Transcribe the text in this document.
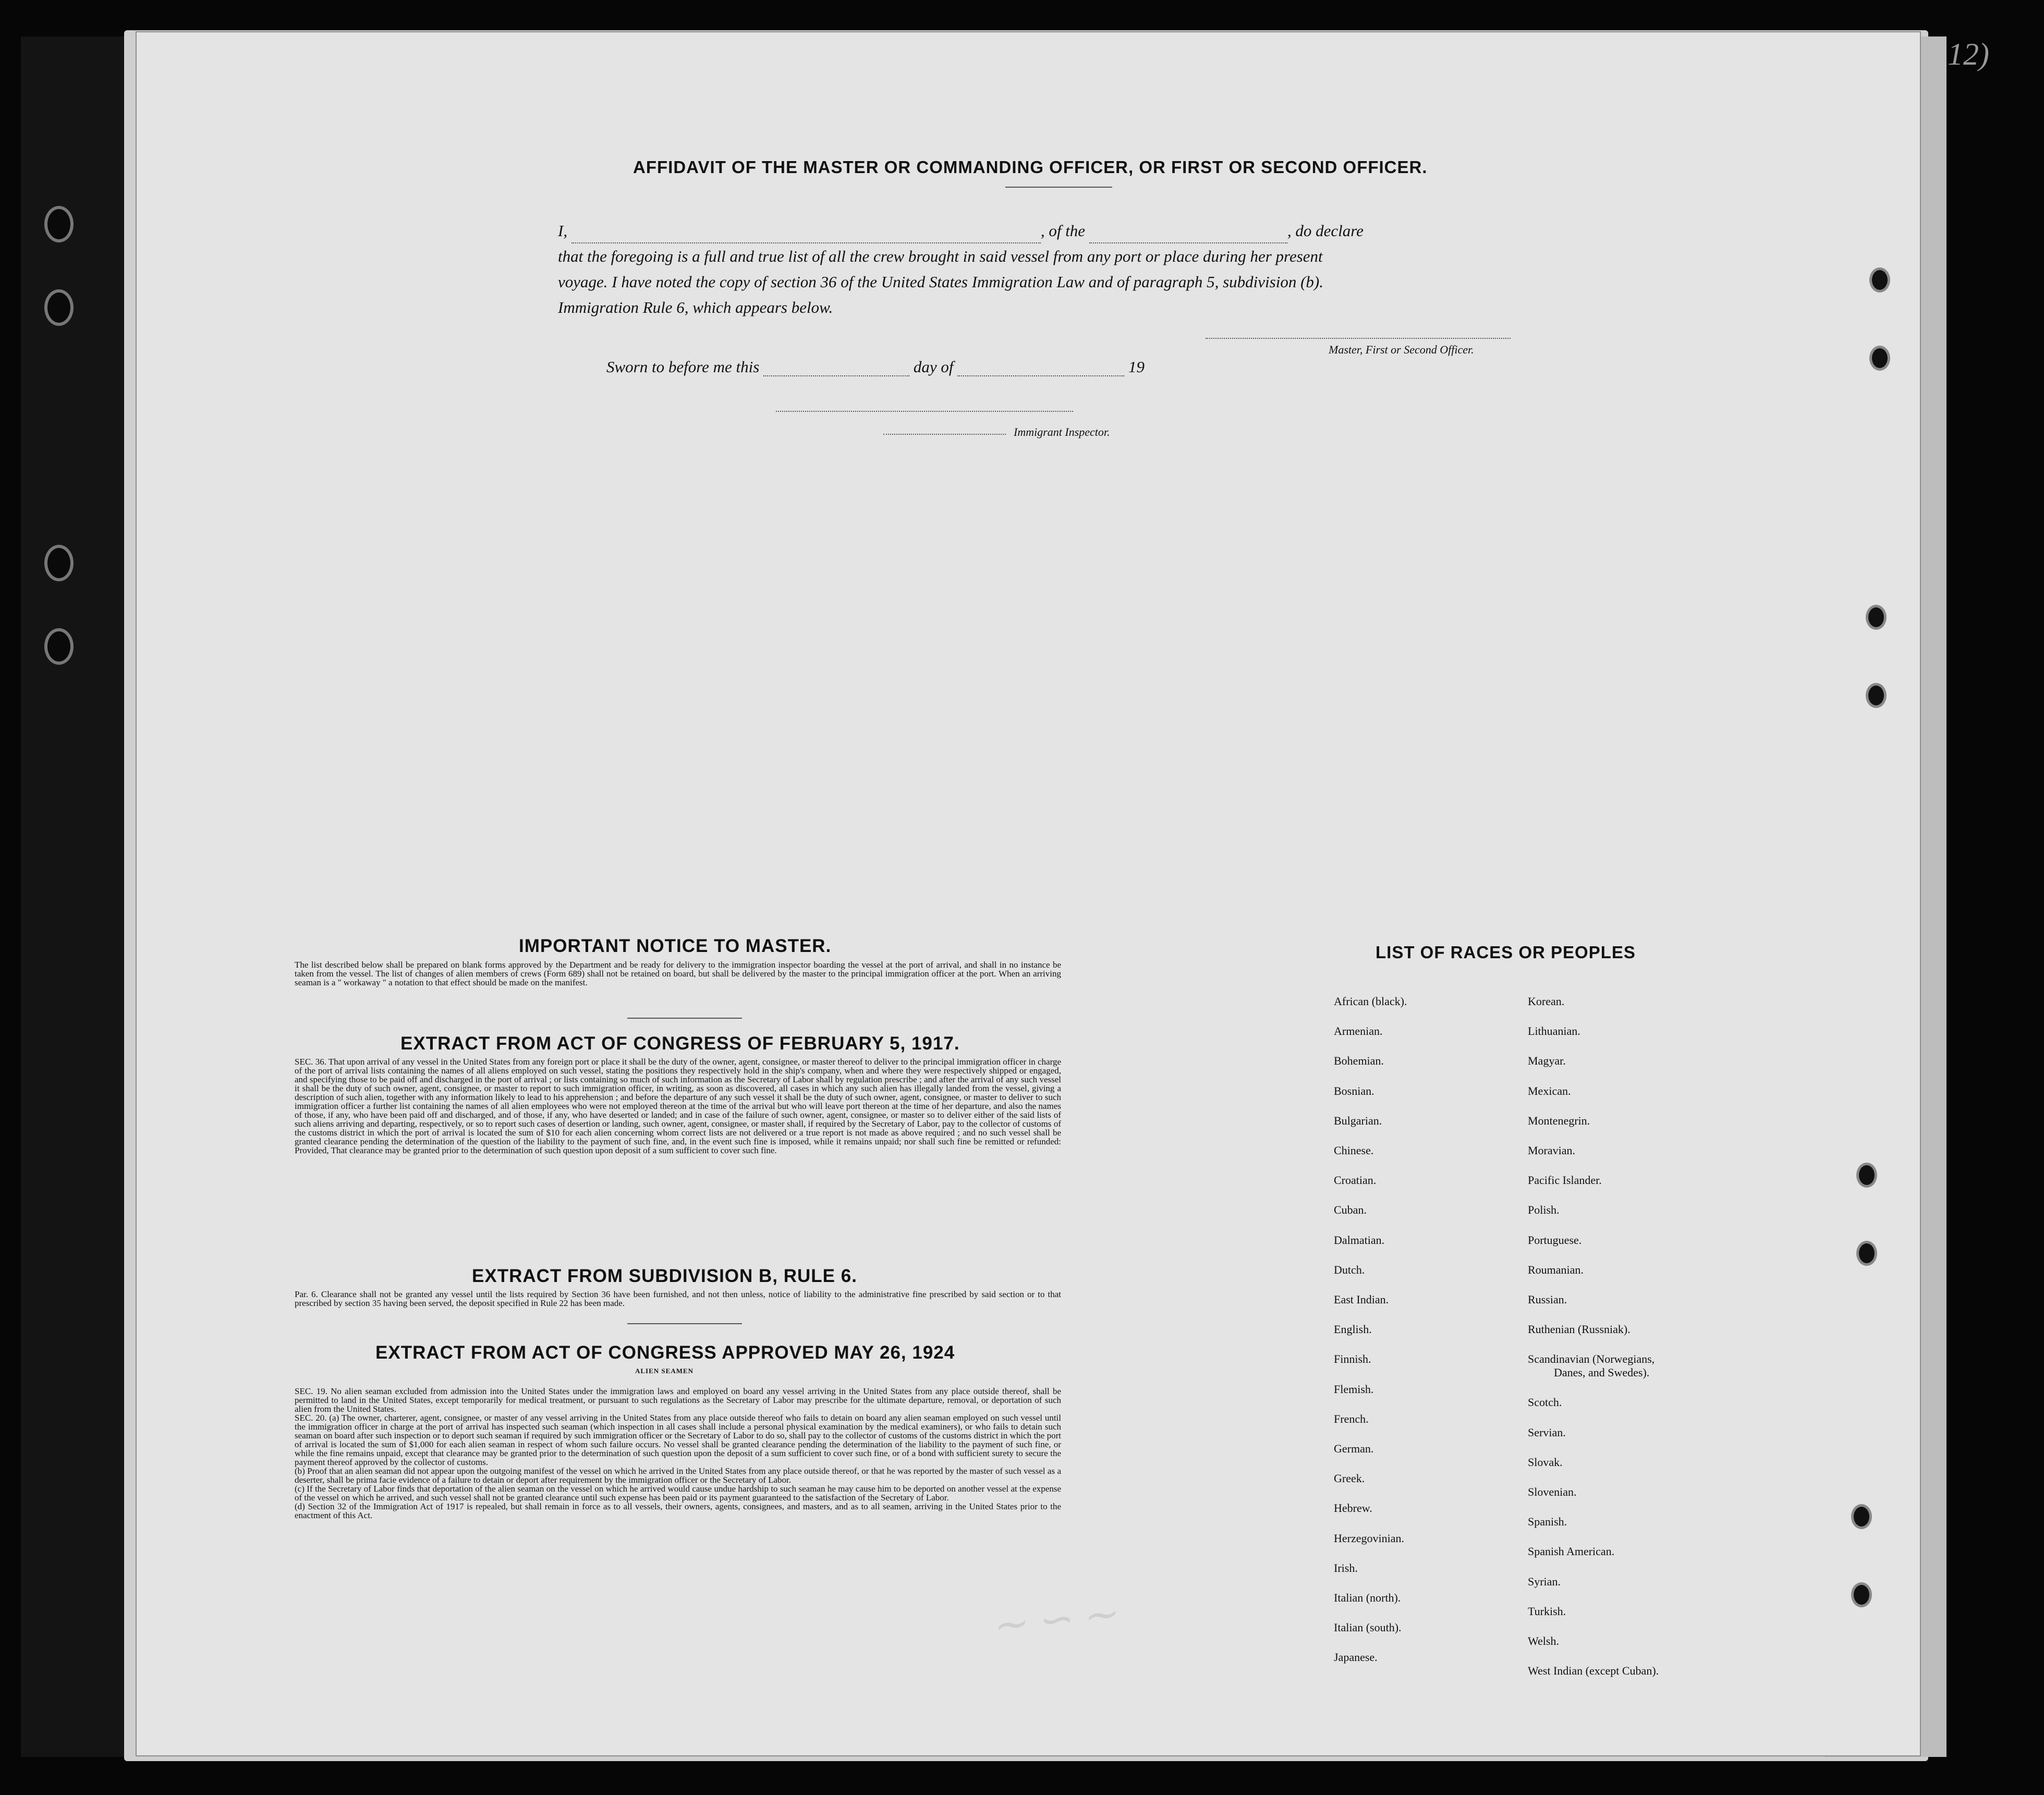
12)
AFFIDAVIT OF THE MASTER OR COMMANDING OFFICER, OR FIRST OR SECOND OFFICER.
I,	, of the	, do declare
that the foregoing is a full and true list of all the crew brought in said vessel from any port or place during her present
voyage. I have noted the copy of section 36 of the United States Immigration Law and of paragraph 5, subdivision (b).
Immigration Rule 6, which appears below.
Master, First or Second Officer.
Sworn to before me this	day of	19
Immigrant Inspector.
IMPORTANT NOTICE TO MASTER.
The list described below shall be prepared on blank forms approved by the Department and be ready for delivery to the immigration inspector boarding the vessel at the port of arrival, and shall in no instance be taken from the vessel. The list of changes of alien members of crews (Form 689) shall not be retained on board, but shall be delivered by the master to the principal immigration officer at the port. When an arriving seaman is a " workaway " a notation to that effect should be made on the manifest.
EXTRACT FROM ACT OF CONGRESS OF FEBRUARY 5, 1917.
SEC. 36. That upon arrival of any vessel in the United States from any foreign port or place it shall be the duty of the owner, agent, consignee, or master thereof to deliver to the principal immigration officer in charge of the port of arrival lists containing the names of all aliens employed on such vessel, stating the positions they respectively hold in the ship's company, when and where they were respectively shipped or engaged, and specifying those to be paid off and discharged in the port of arrival ; or lists containing so much of such information as the Secretary of Labor shall by regulation prescribe ; and after the arrival of any such vessel it shall be the duty of such owner, agent, consignee, or master to report to such immigration officer, in writing, as soon as discovered, all cases in which any such alien has illegally landed from the vessel, giving a description of such alien, together with any information likely to lead to his apprehension ; and before the departure of any such vessel it shall be the duty of such owner, agent, consignee, or master to deliver to such immigration officer a further list containing the names of all alien employees who were not employed thereon at the time of the arrival but who will leave port thereon at the time of her departure, and also the names of those, if any, who have been paid off and discharged, and of those, if any, who have deserted or landed; and in case of the failure of such owner, agent, consignee, or master so to deliver either of the said lists of such aliens arriving and departing, respectively, or so to report such cases of desertion or landing, such owner, agent, consignee, or master shall, if required by the Secretary of Labor, pay to the collector of customs of the customs district in which the port of arrival is located the sum of $10 for each alien concerning whom correct lists are not delivered or a true report is not made as above required ; and no such vessel shall be granted clearance pending the determination of the question of the liability to the payment of such fine, and, in the event such fine is imposed, while it remains unpaid; nor shall such fine be remitted or refunded: Provided, That clearance may be granted prior to the determination of such question upon deposit of a sum sufficient to cover such fine.
EXTRACT FROM SUBDIVISION B, RULE 6.
Par. 6. Clearance shall not be granted any vessel until the lists required by Section 36 have been furnished, and not then unless, notice of liability to the administrative fine prescribed by said section or to that prescribed by section 35 having been served, the deposit specified in Rule 22 has been made.
EXTRACT FROM ACT OF CONGRESS APPROVED MAY 26, 1924
ALIEN SEAMEN
SEC. 19. No alien seaman excluded from admission into the United States under the immigration laws and employed on board any vessel arriving in the United States from any place outside thereof, shall be permitted to land in the United States, except temporarily for medical treatment, or pursuant to such regulations as the Secretary of Labor may prescribe for the ultimate departure, removal, or deportation of such alien from the United States.
SEC. 20. (a) The owner, charterer, agent, consignee, or master of any vessel arriving in the United States from any place outside thereof who fails to detain on board any alien seaman employed on such vessel until the immigration officer in charge at the port of arrival has inspected such seaman (which inspection in all cases shall include a personal physical examination by the medical examiners), or who fails to detain such seaman on board after such inspection or to deport such seaman if required by such immigration officer or the Secretary of Labor to do so, shall pay to the collector of customs of the customs district in which the port of arrival is located the sum of $1,000 for each alien seaman in respect of whom such failure occurs. No vessel shall be granted clearance pending the determination of the liability to the payment of such fine, or while the fine remains unpaid, except that clearance may be granted prior to the determination of such question upon the deposit of a sum sufficient to cover such fine, or of a bond with sufficient surety to secure the payment thereof approved by the collector of customs.
(b) Proof that an alien seaman did not appear upon the outgoing manifest of the vessel on which he arrived in the United States from any place outside thereof, or that he was reported by the master of such vessel as a deserter, shall be prima facie evidence of a failure to detain or deport after requirement by the immigration officer or the Secretary of Labor.
(c) If the Secretary of Labor finds that deportation of the alien seaman on the vessel on which he arrived would cause undue hardship to such seaman he may cause him to be deported on another vessel at the expense of the vessel on which he arrived, and such vessel shall not be granted clearance until such expense has been paid or its payment guaranteed to the satisfaction of the Secretary of Labor.
(d) Section 32 of the Immigration Act of 1917 is repealed, but shall remain in force as to all vessels, their owners, agents, consignees, and masters, and as to all seamen, arriving in the United States prior to the enactment of this Act.
LIST OF RACES OR PEOPLES
∼ ∽ ∼
African (black).
Armenian.
Bohemian.
Bosnian.
Bulgarian.
Chinese.
Croatian.
Cuban.
Dalmatian.
Dutch.
East Indian.
English.
Finnish.
Flemish.
French.
German.
Greek.
Hebrew.
Herzegovinian.
Irish.
Italian (north).
Italian (south).
Japanese.
Korean.
Lithuanian.
Magyar.
Mexican.
Montenegrin.
Moravian.
Pacific Islander.
Polish.
Portuguese.
Roumanian.
Russian.
Ruthenian (Russniak).
Scandinavian (Norwegians,
Danes, and Swedes).
Scotch.
Servian.
Slovak.
Slovenian.
Spanish.
Spanish American.
Syrian.
Turkish.
Welsh.
West Indian (except Cuban).
